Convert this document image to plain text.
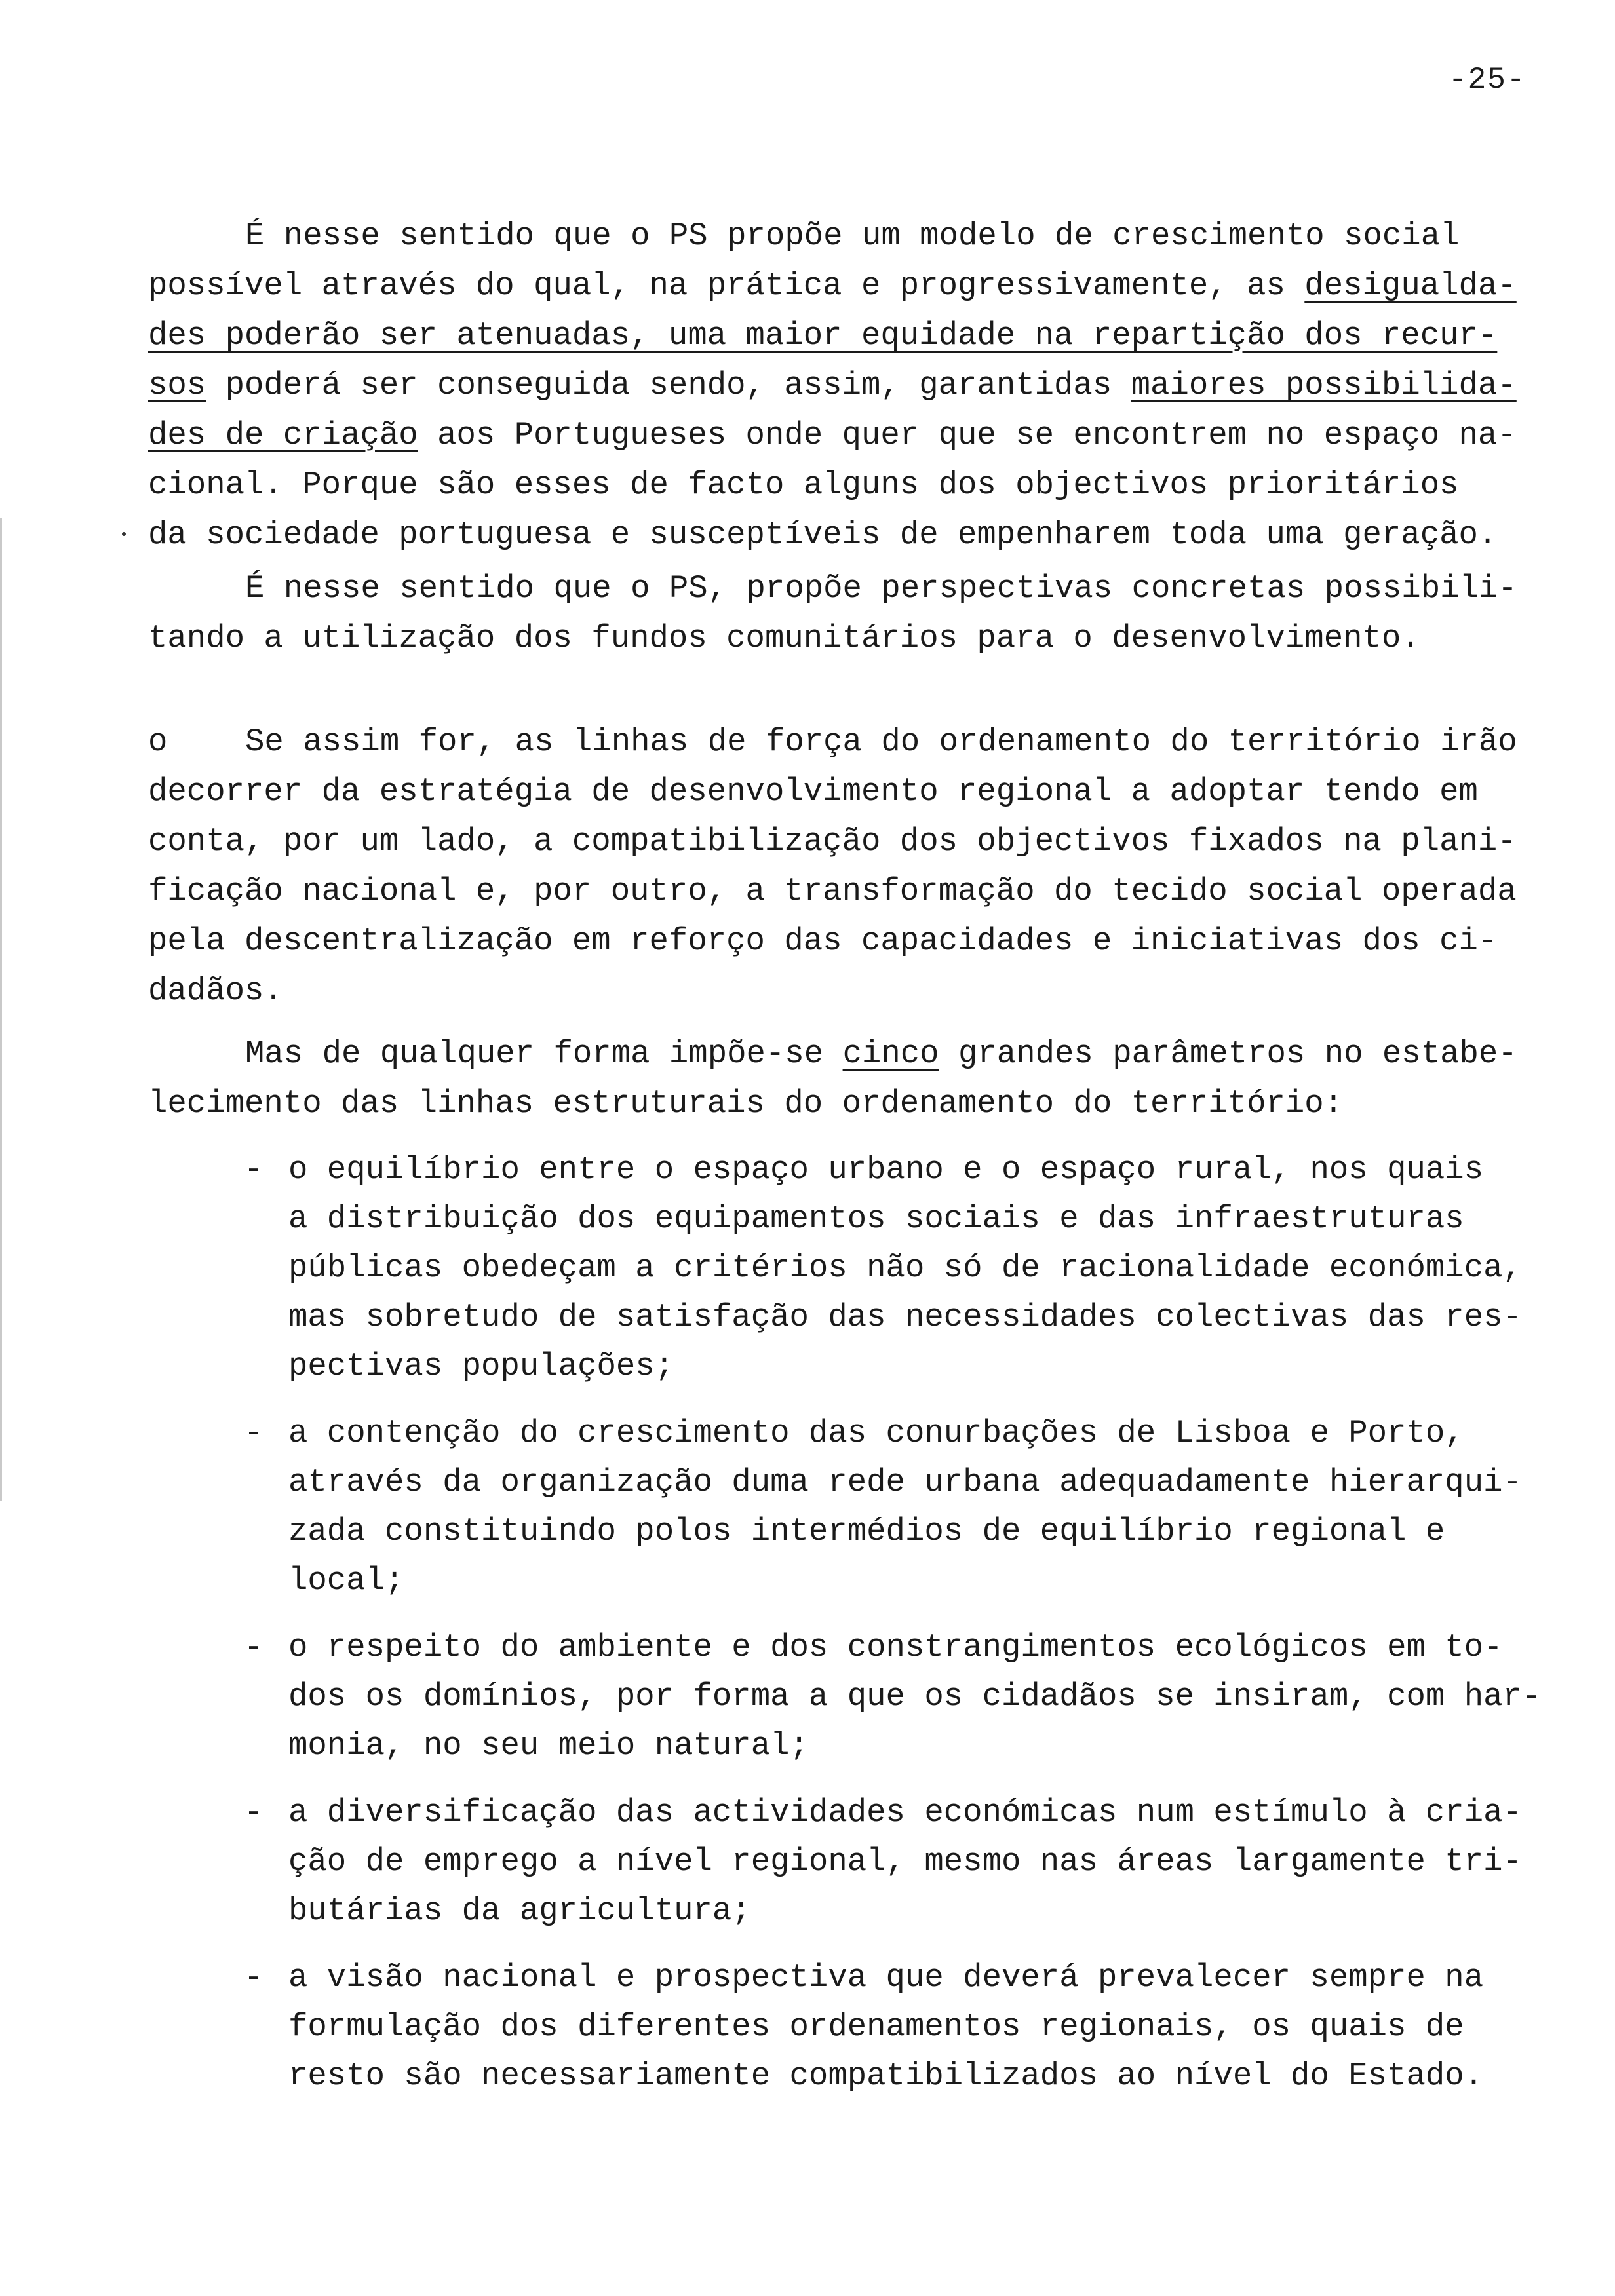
-25-
É nesse sentido que o PS propõe um modelo de crescimento social
possível através do qual, na prática e progressivamente, as desigualda-
des poderão ser atenuadas, uma maior equidade na repartição dos recur-
sos poderá ser conseguida sendo, assim, garantidas maiores possibilida-
des de criação aos Portugueses onde quer que se encontrem no espaço na-
cional. Porque são esses de facto alguns dos objectivos prioritários
da sociedade portuguesa e susceptíveis de empenharem toda uma geração.
É nesse sentido que o PS, propõe perspectivas concretas possibili-
tando a utilização dos fundos comunitários para o desenvolvimento.
o Se assim for, as linhas de força do ordenamento do território irão
decorrer da estratégia de desenvolvimento regional a adoptar tendo em
conta, por um lado, a compatibilização dos objectivos fixados na plani-
ficação nacional e, por outro, a transformação do tecido social operada
pela descentralização em reforço das capacidades e iniciativas dos ci-
dadãos.
Mas de qualquer forma impõe-se cinco grandes parâmetros no estabe-
lecimento das linhas estruturais do ordenamento do território:
- o equilíbrio entre o espaço urbano e o espaço rural, nos quais
a distribuição dos equipamentos sociais e das infraestruturas
públicas obedeçam a critérios não só de racionalidade económica,
mas sobretudo de satisfação das necessidades colectivas das res-
pectivas populações;
- a contenção do crescimento das conurbações de Lisboa e Porto,
através da organização duma rede urbana adequadamente hierarqui-
zada constituindo polos intermédios de equilíbrio regional e
local;
- o respeito do ambiente e dos constrangimentos ecológicos em to-
dos os domínios, por forma a que os cidadãos se insiram, com har-
monia, no seu meio natural;
- a diversificação das actividades económicas num estímulo à cria-
ção de emprego a nível regional, mesmo nas áreas largamente tri-
butárias da agricultura;
- a visão nacional e prospectiva que deverá prevalecer sempre na
formulação dos diferentes ordenamentos regionais, os quais de
resto são necessariamente compatibilizados ao nível do Estado.
